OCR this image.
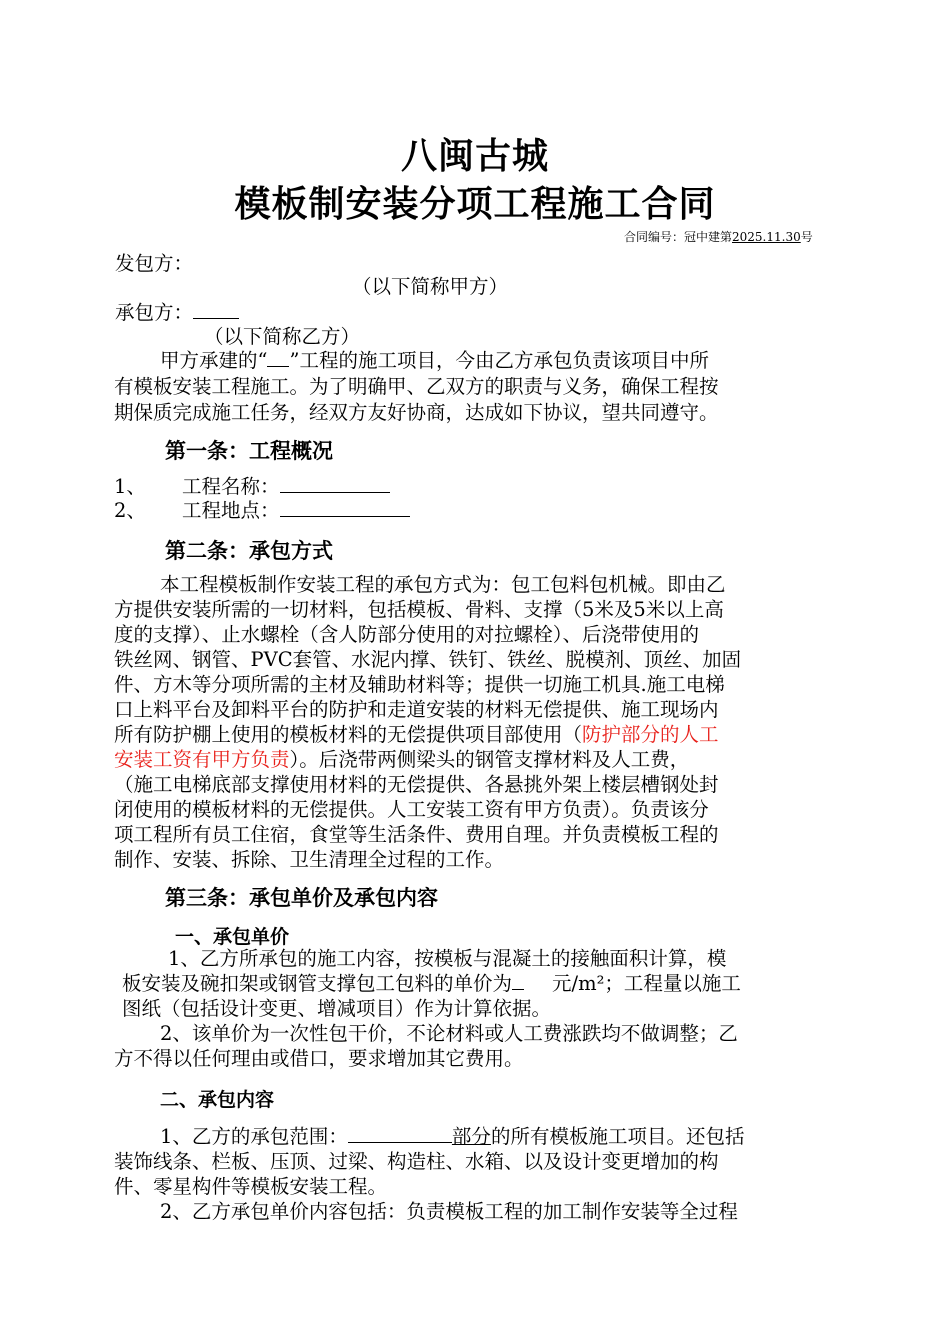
八闽古城
模板制安装分项工程施工合同
合同编号：冠中建第2025.11.30号
发包方：
（以下简称甲方）
承包方：
（以下简称乙方）
甲方承建的“ ”工程的施工项目，今由乙方承包负责该项目中所
有模板安装工程施工。为了明确甲、乙双方的职责与义务，确保工程按
期保质完成施工任务，经双方友好协商，达成如下协议，望共同遵守。
第一条：工程概况
1、 工程名称：
2、 工程地点：
第二条：承包方式
本工程模板制作安装工程的承包方式为：包工包料包机械。即由乙
方提供安装所需的一切材料，包括模板、骨料、支撑（5米及5米以上高
度的支撑）、止水螺栓（含人防部分使用的对拉螺栓）、后浇带使用的
铁丝网、钢管、PVC套管、水泥内撑、铁钉、铁丝、脱模剂、顶丝、加固
件、方木等分项所需的主材及辅助材料等；提供一切施工机具.施工电梯
口上料平台及卸料平台的防护和走道安装的材料无偿提供、施工现场内
所有防护棚上使用的模板材料的无偿提供项目部使用（防护部分的人工
安装工资有甲方负责）。后浇带两侧梁头的钢管支撑材料及人工费，
（施工电梯底部支撑使用材料的无偿提供、各悬挑外架上楼层槽钢处封
闭使用的模板材料的无偿提供。人工安装工资有甲方负责）。负责该分
项工程所有员工住宿，食堂等生活条件、费用自理。并负责模板工程的
制作、安装、拆除、卫生清理全过程的工作。
第三条：承包单价及承包内容
一、承包单价
1、乙方所承包的施工内容，按模板与混凝土的接触面积计算，模
板安装及碗扣架或钢管支撑包工包料的单价为 元/m²；工程量以施工
图纸（包括设计变更、增减项目）作为计算依据。
2、该单价为一次性包干价，不论材料或人工费涨跌均不做调整；乙
方不得以任何理由或借口，要求增加其它费用。
二、承包内容
1、乙方的承包范围：	部分的所有模板施工项目。还包括
装饰线条、栏板、压顶、过梁、构造柱、水箱、以及设计变更增加的构
件、零星构件等模板安装工程。
2、乙方承包单价内容包括：负责模板工程的加工制作安装等全过程
